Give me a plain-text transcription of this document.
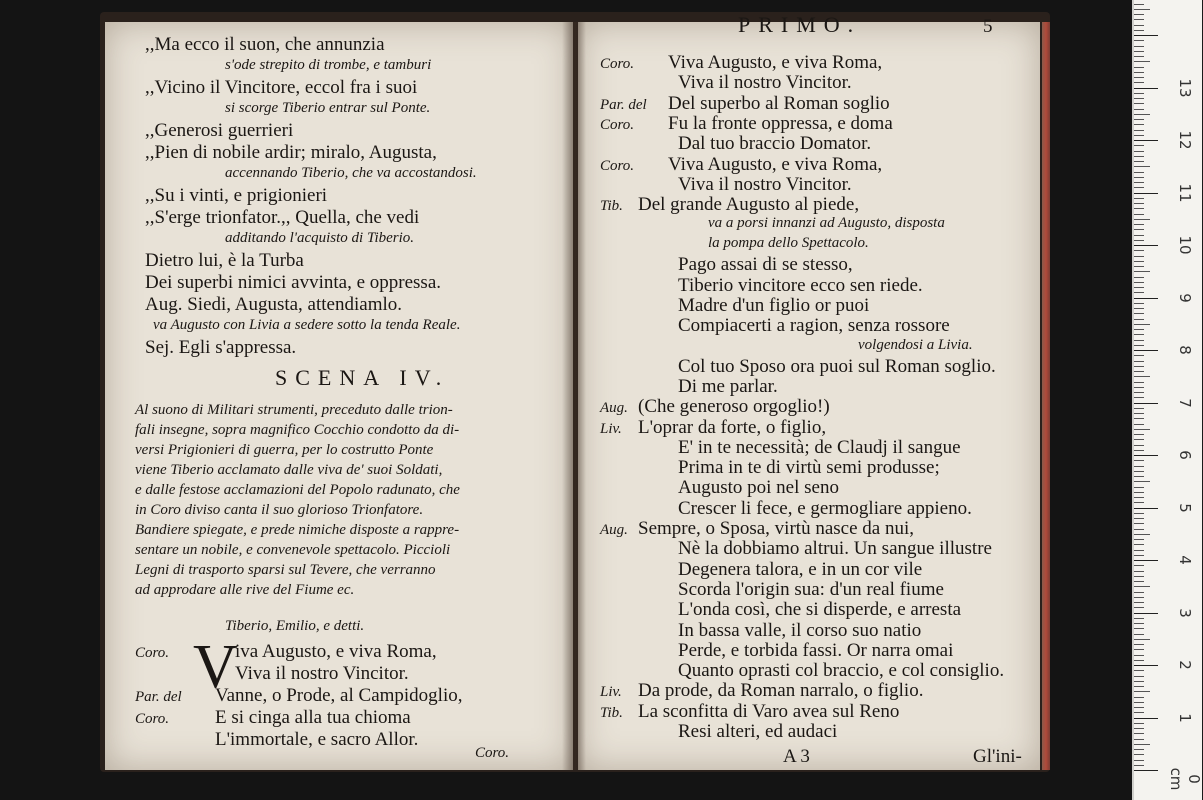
,,Ma ecco il suon, che annunzia
s'ode strepito di trombe, e tamburi
,,Vicino il Vincitore, eccol fra i suoi
si scorge Tiberio entrar sul Ponte.
,,Generosi guerrieri
,,Pien di nobile ardir; miralo, Augusta,
accennando Tiberio, che va accostandosi.
,,Su i vinti, e prigionieri
,,S'erge trionfator.,, Quella, che vedi
additando l'acquisto di Tiberio.
Dietro lui, è la Turba
Dei superbi nimici avvinta, e oppressa.
Aug. Siedi, Augusta, attendiamlo.
va Augusto con Livia a sedere sotto la tenda Reale.
Sej. Egli s'appressa.
SCENA IV.
Al suono di Militari strumenti, preceduto dalle trion-
fali insegne, sopra magnifico Cocchio condotto da di-
versi Prigionieri di guerra, per lo costrutto Ponte
viene Tiberio acclamato dalle viva de' suoi Soldati,
e dalle festose acclamazioni del Popolo radunato, che
in Coro diviso canta il suo glorioso Trionfatore.
Bandiere spiegate, e prede nimiche disposte a rappre-
sentare un nobile, e convenevole spettacolo. Piccioli
Legni di trasporto sparsi sul Tevere, che verranno
ad approdare alle rive del Fiume ec.
Tiberio, Emilio, e detti.
V
Coro.	iva Augusto, e viva Roma,
Viva il nostro Vincitor.
Par. del Vanne, o Prode, al Campidoglio,
Coro. E si cinga alla tua chioma
L'immortale, e sacro Allor.
Coro.
PRIMO.	5
Coro. Viva Augusto, e viva Roma,
Viva il nostro Vincitor.
Par. del Del superbo al Roman soglio
Coro. Fu la fronte oppressa, e doma
Dal tuo braccio Domator.
Coro. Viva Augusto, e viva Roma,
Viva il nostro Vincitor.
Tib. Del grande Augusto al piede,
va a porsi innanzi ad Augusto, disposta
la pompa dello Spettacolo.
Pago assai di se stesso,
Tiberio vincitore ecco sen riede.
Madre d'un figlio or puoi
Compiacerti a ragion, senza rossore
volgendosi a Livia.
Col tuo Sposo ora puoi sul Roman soglio.
Di me parlar.
Aug. (Che generoso orgoglio!)
Liv. L'oprar da forte, o figlio,
E' in te necessità; de Claudj il sangue
Prima in te di virtù semi produsse;
Augusto poi nel seno
Crescer li fece, e germogliare appieno.
Aug. Sempre, o Sposa, virtù nasce da nui,
Nè la dobbiamo altrui. Un sangue illustre
Degenera talora, e in un cor vile
Scorda l'origin sua: d'un real fiume
L'onda così, che si disperde, e arresta
In bassa valle, il corso suo natio
Perde, e torbida fassi. Or narra omai
Quanto oprasti col braccio, e col consiglio.
Liv. Da prode, da Roman narralo, o figlio.
Tib. La sconfitta di Varo avea sul Reno
Resi alteri, ed audaci
A 3	Gl'ini-
0 cm
1
2
3
4
5
6
7
8
9
10
11
12
13
